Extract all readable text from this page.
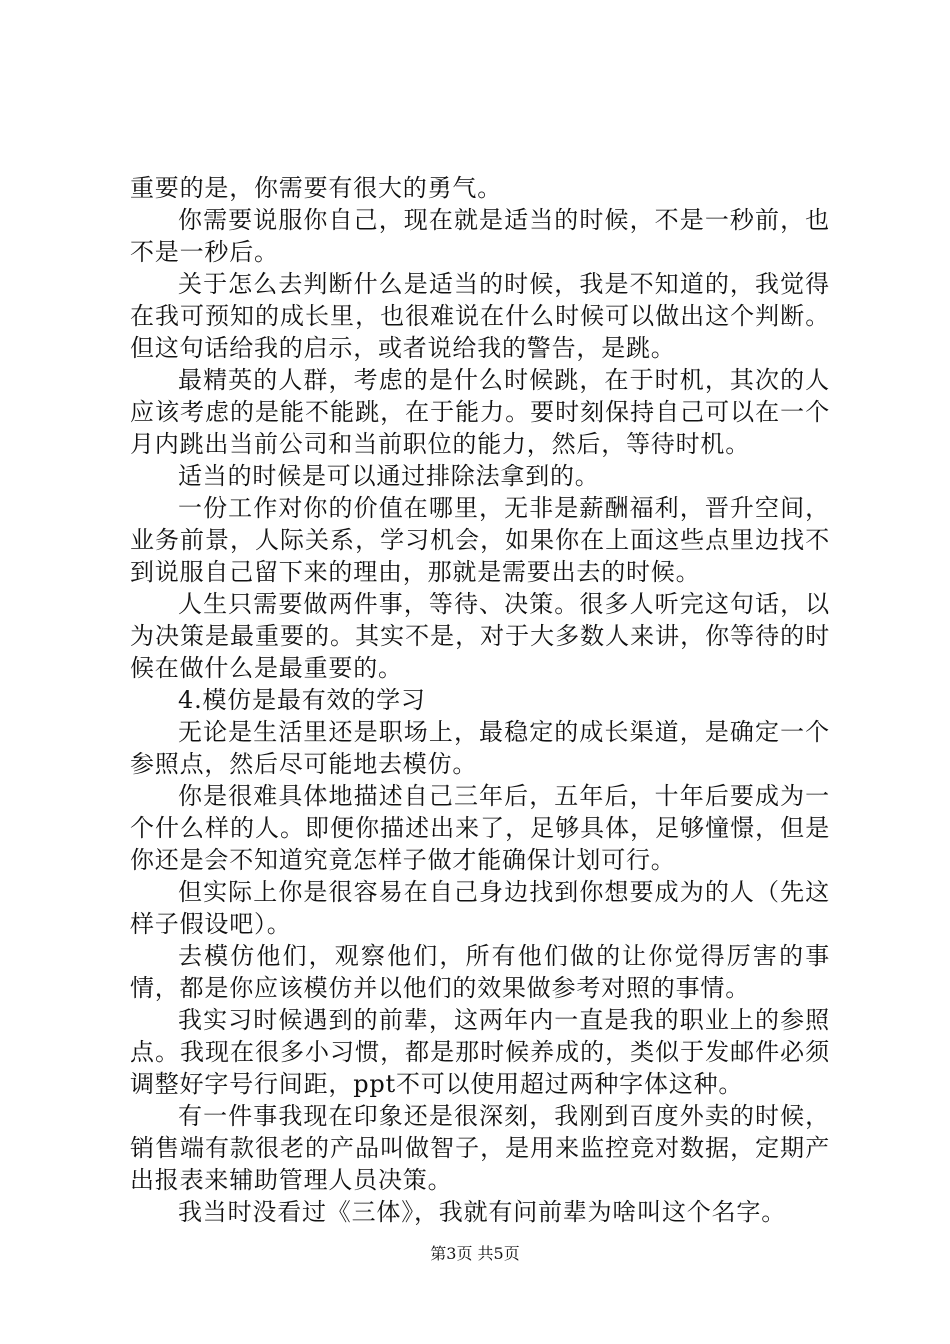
重要的是，你需要有很大的勇气。

你需要说服你自己，现在就是适当的时候，不是一秒前，也不是一秒后。

关于怎么去判断什么是适当的时候，我是不知道的，我觉得在我可预知的成长里，也很难说在什么时候可以做出这个判断。但这句话给我的启示，或者说给我的警告，是跳。

最精英的人群，考虑的是什么时候跳，在于时机，其次的人应该考虑的是能不能跳，在于能力。要时刻保持自己可以在一个月内跳出当前公司和当前职位的能力，然后，等待时机。

适当的时候是可以通过排除法拿到的。

一份工作对你的价值在哪里，无非是薪酬福利，晋升空间，业务前景，人际关系，学习机会，如果你在上面这些点里边找不到说服自己留下来的理由，那就是需要出去的时候。

人生只需要做两件事，等待、决策。很多人听完这句话，以为决策是最重要的。其实不是，对于大多数人来讲，你等待的时候在做什么是最重要的。

4.模仿是最有效的学习

无论是生活里还是职场上，最稳定的成长渠道，是确定一个参照点，然后尽可能地去模仿。

你是很难具体地描述自己三年后，五年后，十年后要成为一个什么样的人。即便你描述出来了，足够具体，足够憧憬，但是你还是会不知道究竟怎样子做才能确保计划可行。

但实际上你是很容易在自己身边找到你想要成为的人（先这样子假设吧）。

去模仿他们，观察他们，所有他们做的让你觉得厉害的事情，都是你应该模仿并以他们的效果做参考对照的事情。

我实习时候遇到的前辈，这两年内一直是我的职业上的参照点。我现在很多小习惯，都是那时候养成的，类似于发邮件必须调整好字号行间距，ppt不可以使用超过两种字体这种。

有一件事我现在印象还是很深刻，我刚到百度外卖的时候，销售端有款很老的产品叫做智子，是用来监控竞对数据，定期产出报表来辅助管理人员决策。

我当时没看过《三体》，我就有问前辈为啥叫这个名字。

第3页 共5页
